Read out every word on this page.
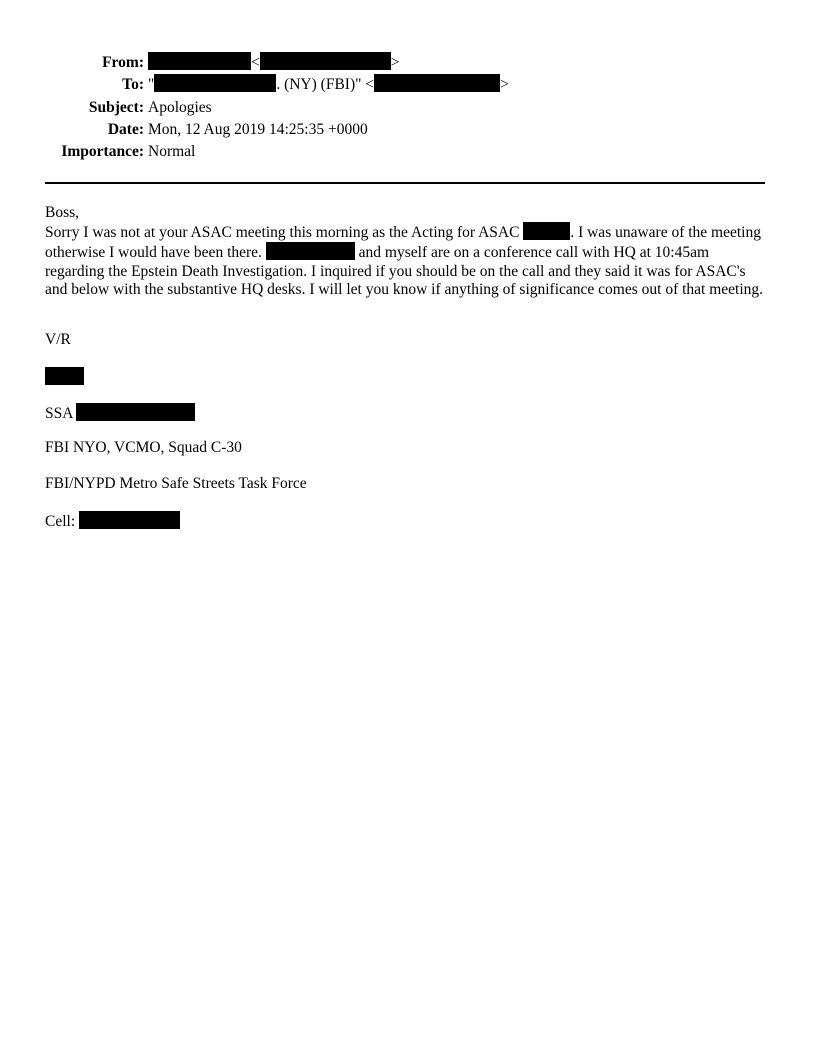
From:	<	>
To: "	. (NY) (FBI)" <	>
Subject: Apologies
Date: Mon, 12 Aug 2019 14:25:35 +0000
Importance: Normal

Boss,

Sorry I was not at your ASAC meeting this morning as the Acting for ASAC	. I was unaware of the meeting otherwise I would have been there.	and myself are on a conference call with HQ at 10:45am regarding the Epstein Death Investigation. I inquired if you should be on the call and they said it was for ASAC's and below with the substantive HQ desks. I will let you know if anything of significance comes out of that meeting.

V/R
SSA
FBI NYO, VCMO, Squad C-30
FBI/NYPD Metro Safe Streets Task Force
Cell:
